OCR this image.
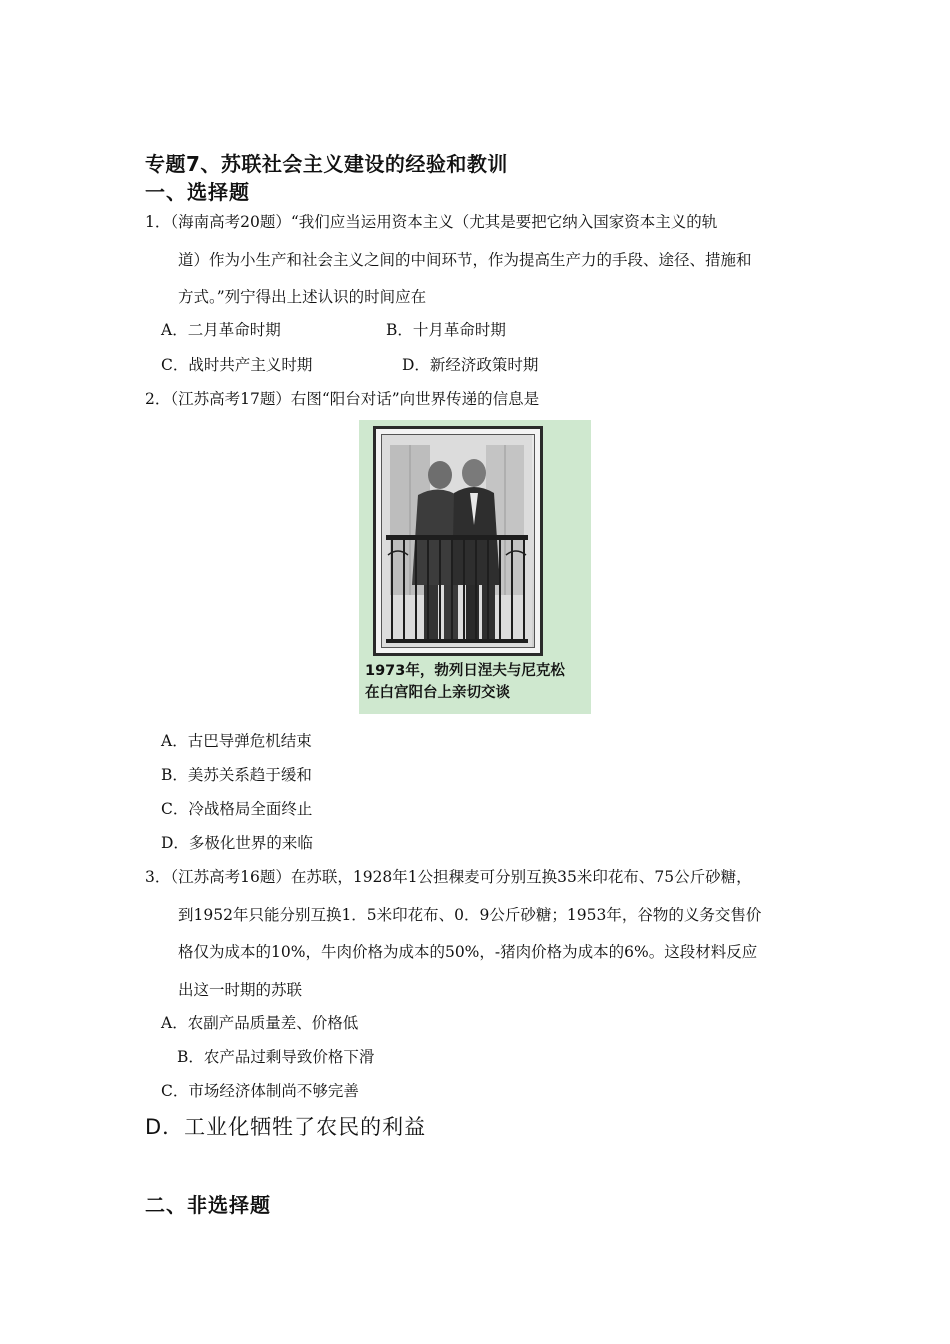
专题7、苏联社会主义建设的经验和教训
一、选择题
1．（海南高考20题）“我们应当运用资本主义（尤其是要把它纳入国家资本主义的轨
道）作为小生产和社会主义之间的中间环节，作为提高生产力的手段、途径、措施和
方式。”列宁得出上述认识的时间应在
A．二月革命时期	B．十月革命时期
C．战时共产主义时期	D．新经济政策时期
2．（江苏高考17题）右图“阳台对话”向世界传递的信息是
1973年，勃列日涅夫与尼克松
在白宫阳台上亲切交谈
A．古巴导弹危机结束
B．美苏关系趋于缓和
C．冷战格局全面终止
D．多极化世界的来临
3．（江苏高考16题）在苏联，1928年1公担稞麦可分别互换35米印花布、75公斤砂糖，
到1952年只能分别互换1．5米印花布、0．9公斤砂糖；1953年，谷物的义务交售价
格仅为成本的10%，牛肉价格为成本的50%，-猪肉价格为成本的6%。这段材料反应
出这一时期的苏联
A．农副产品质量差、价格低
B．农产品过剩导致价格下滑
C．市场经济体制尚不够完善
D．工业化牺牲了农民的利益
二、非选择题
